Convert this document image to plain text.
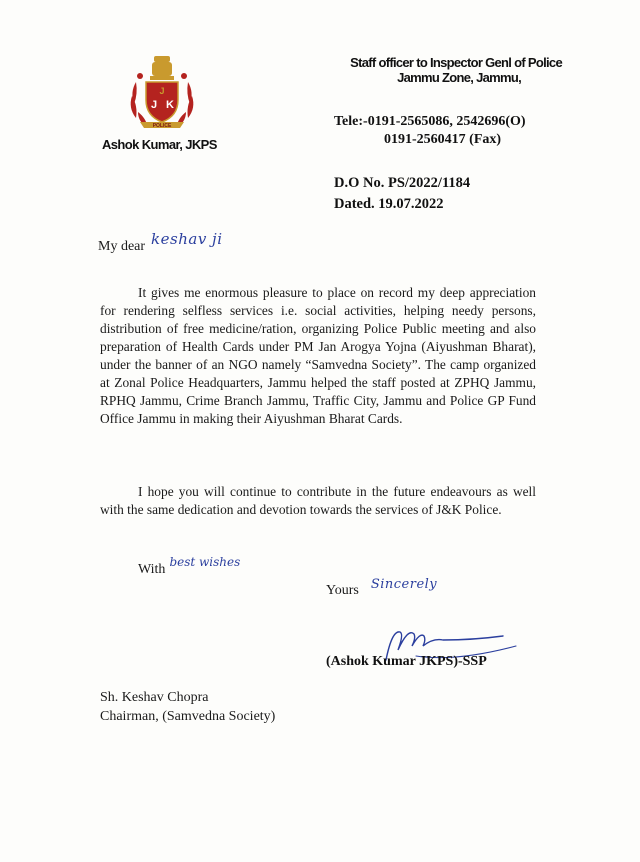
J
J K
POLICE
Ashok Kumar, JKPS
Staff officer to Inspector Genl of Police
Jammu Zone, Jammu,
Tele:-0191-2565086, 2542696(O)
0191-2560417 (Fax)
D.O No. PS/2022/1184
Dated. 19.07.2022
My dear keshav ji
It gives me enormous pleasure to place on record my deep appreciation for rendering selfless services i.e. social activities, helping needy persons, distribution of free medicine/ration, organizing Police Public meeting and also preparation of Health Cards under PM Jan Arogya Yojna (Aiyushman Bharat), under the banner of an NGO namely “Samvedna Society”. The camp organized at Zonal Police Headquarters, Jammu helped the staff posted at ZPHQ Jammu, RPHQ Jammu, Crime Branch Jammu, Traffic City, Jammu and Police GP Fund Office Jammu in making their Aiyushman Bharat Cards.
I hope you will continue to contribute in the future endeavours as well with the same dedication and devotion towards the services of J&K Police.
With best wishes
Yours Sincerely
(Ashok Kumar JKPS)-SSP
Sh. Keshav Chopra
Chairman, (Samvedna Society)
